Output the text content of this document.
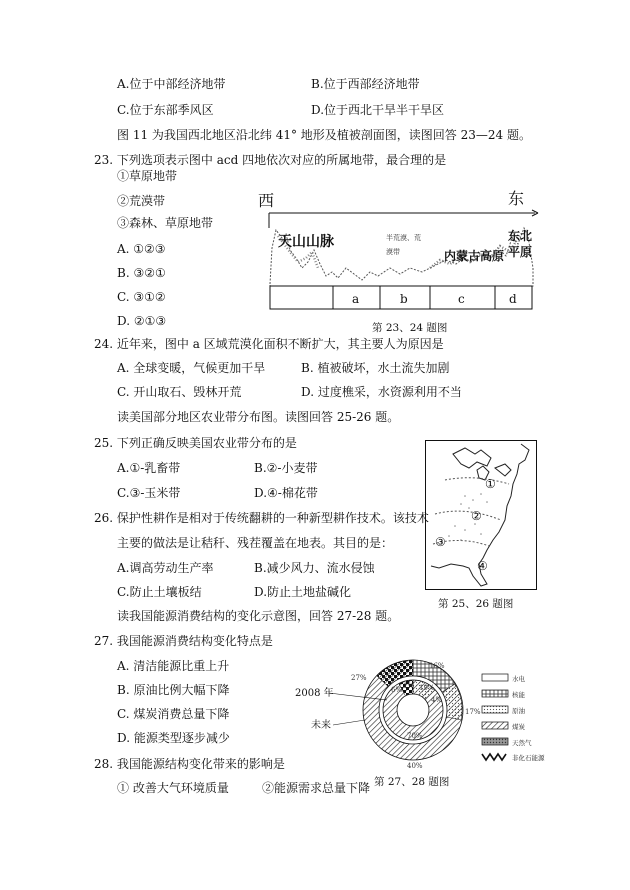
A.位于中部经济地带	B.位于西部经济地带
C.位于东部季风区	D.位于西北干旱半干旱区
图 11 为我国西北地区沿北纬 41° 地形及植被剖面图，读图回答 23—24 题。
23. 下列选项表示图中 acd 四地依次对应的所属地带，最合理的是
①草原地带
②荒漠带
③森林、草原地带
A. ①②③
B. ③②①
C. ③①②
D. ②①③
西	东
天山山脉	半荒漠、荒
漠带	内蒙古高原
东北
平原
a	b	c	d
第 23、24 题图
24. 近年来，图中 a 区域荒漠化面积不断扩大，其主要人为原因是
A. 全球变暖，气候更加干旱	B. 植被破坏，水土流失加剧
C. 开山取石、毁林开荒	D. 过度樵采，水资源利用不当
读美国部分地区农业带分布图。读图回答 25-26 题。
25. 下列正确反映美国农业带分布的是
A.①-乳畜带	B.②-小麦带
C.③-玉米带	D.④-棉花带
①
②
③
④
第 25、26 题图
26. 保护性耕作是相对于传统翻耕的一种新型耕作技术。该技术
主要的做法是让秸秆、残茬覆盖在地表。其目的是：
A.调高劳动生产率	B.减少风力、流水侵蚀
C.防止土壤板结	D.防止土地盐碱化
读我国能源消费结构的变化示意图，回答 27-28 题。
27. 我国能源消费结构变化特点是
A. 清洁能源比重上升
B. 原油比例大幅下降
C. 煤炭消费总量下降
D. 能源类型逐步减少
28. 我国能源结构变化带来的影响是
① 改善大气环境质量	②能源需求总量下降
2008 年
未来
27%
16%
6% 1% 19%
4%
17%
70%
40%
水电
核能
原油
煤炭
天然气
非化石能源
第 27、28 题图
